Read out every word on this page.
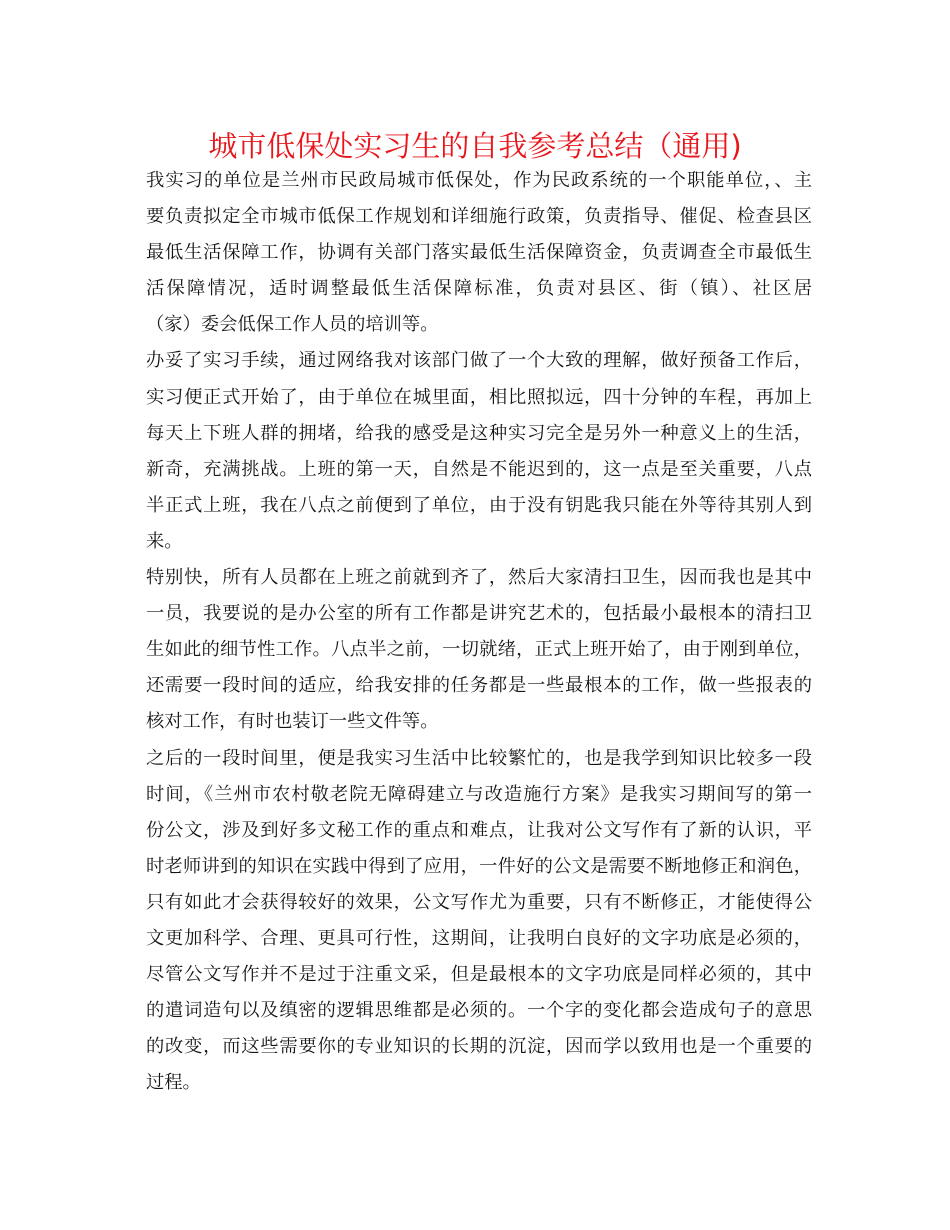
城市低保处实习生的自我参考总结（通用)
我实习的单位是兰州市民政局城市低保处，作为民政系统的一个职能单位，、主
要负责拟定全市城市低保工作规划和详细施行政策，负责指导、催促、检查县区
最低生活保障工作，协调有关部门落实最低生活保障资金，负责调查全市最低生
活保障情况，适时调整最低生活保障标准，负责对县区、街（镇）、社区居
（家）委会低保工作人员的培训等。
办妥了实习手续，通过网络我对该部门做了一个大致的理解，做好预备工作后，
实习便正式开始了，由于单位在城里面，相比照拟远，四十分钟的车程，再加上
每天上下班人群的拥堵，给我的感受是这种实习完全是另外一种意义上的生活，
新奇，充满挑战。上班的第一天，自然是不能迟到的，这一点是至关重要，八点
半正式上班，我在八点之前便到了单位，由于没有钥匙我只能在外等待其别人到
来。
特别快，所有人员都在上班之前就到齐了，然后大家清扫卫生，因而我也是其中
一员，我要说的是办公室的所有工作都是讲究艺术的，包括最小最根本的清扫卫
生如此的细节性工作。八点半之前，一切就绪，正式上班开始了，由于刚到单位，
还需要一段时间的适应，给我安排的任务都是一些最根本的工作，做一些报表的
核对工作，有时也装订一些文件等。
之后的一段时间里，便是我实习生活中比较繁忙的，也是我学到知识比较多一段
时间，《兰州市农村敬老院无障碍建立与改造施行方案》是我实习期间写的第一
份公文，涉及到好多文秘工作的重点和难点，让我对公文写作有了新的认识，平
时老师讲到的知识在实践中得到了应用，一件好的公文是需要不断地修正和润色，
只有如此才会获得较好的效果，公文写作尤为重要，只有不断修正，才能使得公
文更加科学、合理、更具可行性，这期间，让我明白良好的文字功底是必须的，
尽管公文写作并不是过于注重文采，但是最根本的文字功底是同样必须的，其中
的遣词造句以及缜密的逻辑思维都是必须的。一个字的变化都会造成句子的意思
的改变，而这些需要你的专业知识的长期的沉淀，因而学以致用也是一个重要的
过程。
